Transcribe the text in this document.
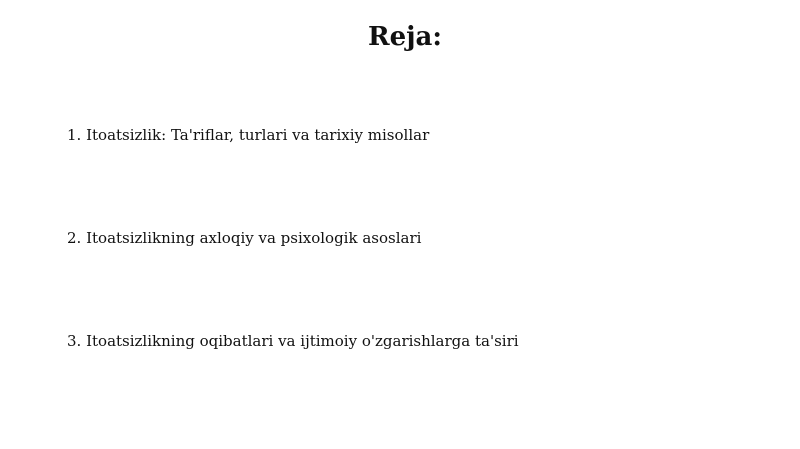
Reja:
1. Itoatsizlik: Ta'riflar, turlari va tarixiy misollar
2. Itoatsizlikning axloqiy va psixologik asoslari
3. Itoatsizlikning oqibatlari va ijtimoiy o'zgarishlarga ta'siri
